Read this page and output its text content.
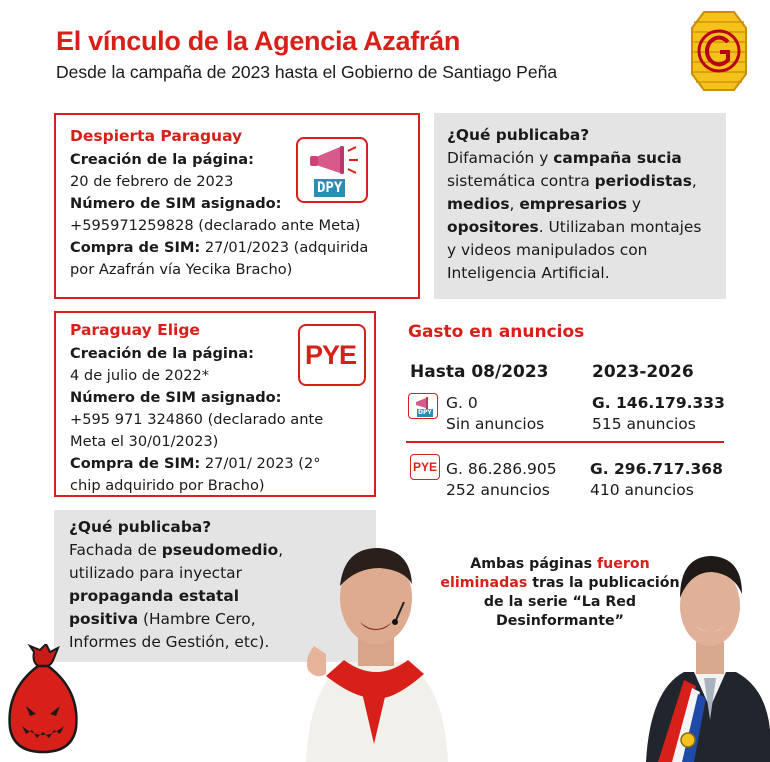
El vínculo de la Agencia Azafrán
Desde la campaña de 2023 hasta el Gobierno de Santiago Peña
Despierta Paraguay
Creación de la página:
20 de febrero de 2023
Número de SIM asignado:
+595971259828 (declarado ante Meta)
Compra de SIM: 27/01/2023 (adquirida
por Azafrán vía Yecika Bracho)
DPY
¿Qué publicaba?
Difamación y campaña sucia
sistemática contra periodistas,
medios, empresarios y
opositores. Utilizaban montajes
y videos manipulados con
Inteligencia Artificial.
Paraguay Elige
Creación de la página:
4 de julio de 2022*
Número de SIM asignado:
+595 971 324860 (declarado ante
Meta el 30/01/2023)
Compra de SIM: 27/01/ 2023 (2°
chip adquirido por Bracho)
PYE
¿Qué publicaba?
Fachada de pseudomedio,
utilizado para inyectar
propaganda estatal
positiva (Hambre Cero,
Informes de Gestión, etc).
Gasto en anuncios
Hasta 08/2023	2023-2026
DPY
G. 0
Sin anuncios
G. 146.179.333
515 anuncios
PYE G. 86.286.905
252 anuncios
G. 296.717.368
410 anuncios
Ambas páginas fueron
eliminadas tras la publicación
de la serie “La Red
Desinformante”
